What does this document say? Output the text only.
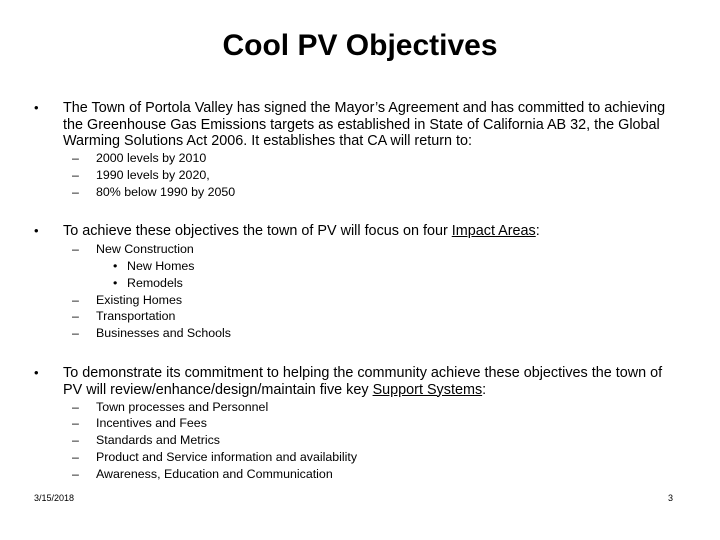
Cool PV Objectives
• The Town of Portola Valley has signed the Mayor’s Agreement and has committed to achieving the Greenhouse Gas Emissions targets as established in State of California AB 32, the Global Warming Solutions Act 2006. It establishes that CA will return to:
– 2000 levels by 2010
– 1990 levels by 2020,
– 80% below 1990 by 2050
• To achieve these objectives the town of PV will focus on four Impact Areas:
– New Construction
• New Homes
• Remodels
– Existing Homes
– Transportation
– Businesses and Schools
• To demonstrate its commitment to helping the community achieve these objectives the town of PV will review/enhance/design/maintain five key Support Systems:
– Town processes and Personnel
– Incentives and Fees
– Standards and Metrics
– Product and Service information and availability
– Awareness, Education and Communication
3/15/2018	3
